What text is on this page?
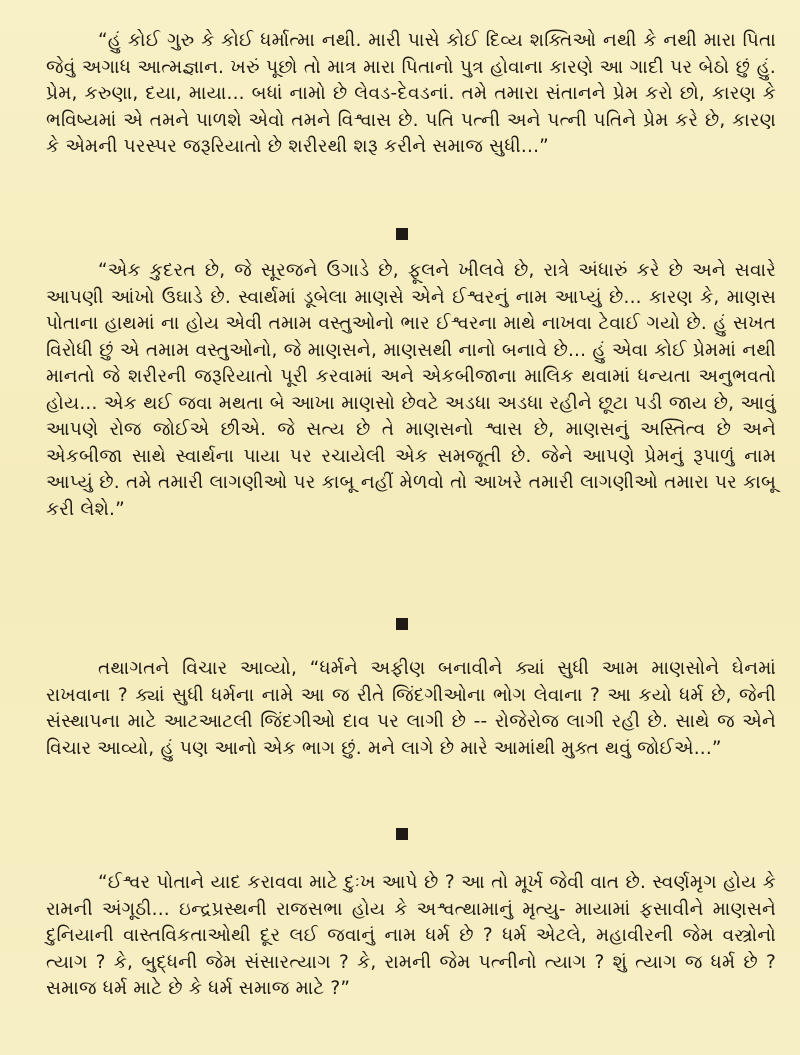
“હું કોઈ ગુરુ કે કોઈ ધર્માત્મા નથી. મારી પાસે કોઈ દિવ્ય શક્તિઓ નથી કે નથી મારા પિતા જેવું અગાધ આત્મજ્ઞાન. ખરું પૂછો તો માત્ર મારા પિતાનો પુત્ર હોવાના કારણે આ ગાદી પર બેઠો છું હું. પ્રેમ, કરુણા, દયા, માયા... બધાં નામો છે લેવડ-દેવડનાં. તમે તમારા સંતાનને પ્રેમ કરો છો, કારણ કે ભવિષ્યમાં એ તમને પાળશે એવો તમને વિશ્વાસ છે. પતિ પત્ની અને પત્ની પતિને પ્રેમ કરે છે, કારણ કે એમની પરસ્પર જરૂરિયાતો છે શરીરથી શરૂ કરીને સમાજ સુધી...”

“એક કુદરત છે, જે સૂરજને ઉગાડે છે, ફૂલને ખીલવે છે, રાત્રે અંધારું કરે છે અને સવારે આપણી આંખો ઉઘાડે છે. સ્વાર્થમાં ડૂબેલા માણસે એને ઈશ્વરનું નામ આપ્યું છે... કારણ કે, માણસ પોતાના હાથમાં ના હોય એવી તમામ વસ્તુઓનો ભાર ઈશ્વરના માથે નાખવા ટેવાઈ ગયો છે. હું સખત વિરોધી છું એ તમામ વસ્તુઓનો, જે માણસને, માણસથી નાનો બનાવે છે... હું એવા કોઈ પ્રેમમાં નથી માનતો જે શરીરની જરૂરિયાતો પૂરી કરવામાં અને એકબીજાના માલિક થવામાં ધન્યતા અનુભવતો હોય... એક થઈ જવા મથતા બે આખા માણસો છેવટે અડધા અડધા રહીને છૂટા પડી જાય છે, આવું આપણે રોજ જોઈએ છીએ. જે સત્ય છે તે માણસનો શ્વાસ છે, માણસનું અસ્તિત્વ છે અને એકબીજા સાથે સ્વાર્થના પાયા પર રચાયેલી એક સમજૂતી છે. જેને આપણે પ્રેમનું રૂપાળું નામ આપ્યું છે. તમે તમારી લાગણીઓ પર કાબૂ નહીં મેળવો તો આખરે તમારી લાગણીઓ તમારા પર કાબૂ કરી લેશે.”

તથાગતને વિચાર આવ્યો, “ધર્મને અફીણ બનાવીને ક્યાં સુધી આમ માણસોને ઘેનમાં રાખવાના ? ક્યાં સુધી ધર્મના નામે આ જ રીતે જિંદગીઓના ભોગ લેવાના ? આ કયો ધર્મ છે, જેની સંસ્થાપના માટે આટઆટલી જિંદગીઓ દાવ પર લાગી છે -- રોજેરોજ લાગી રહી છે. સાથે જ એને વિચાર આવ્યો, હું પણ આનો એક ભાગ છું. મને લાગે છે મારે આમાંથી મુક્ત થવું જોઈએ...”

“ઈશ્વર પોતાને યાદ કરાવવા માટે દુઃખ આપે છે ? આ તો મૂર્ખ જેવી વાત છે. સ્વર્ણમૃગ હોય કે રામની અંગૂઠી... ઇન્દ્રપ્રસ્થની રાજસભા હોય કે અશ્વત્થામાનું મૃત્યુ- માયામાં ફસાવીને માણસને દુનિયાની વાસ્તવિકતાઓથી દૂર લઈ જવાનું નામ ધર્મ છે ? ધર્મ એટલે, મહાવીરની જેમ વસ્ત્રોનો ત્યાગ ? કે, બુદ્ધની જેમ સંસારત્યાગ ? કે, રામની જેમ પત્નીનો ત્યાગ ? શું ત્યાગ જ ધર્મ છે ? સમાજ ધર્મ માટે છે કે ધર્મ સમાજ માટે ?”
